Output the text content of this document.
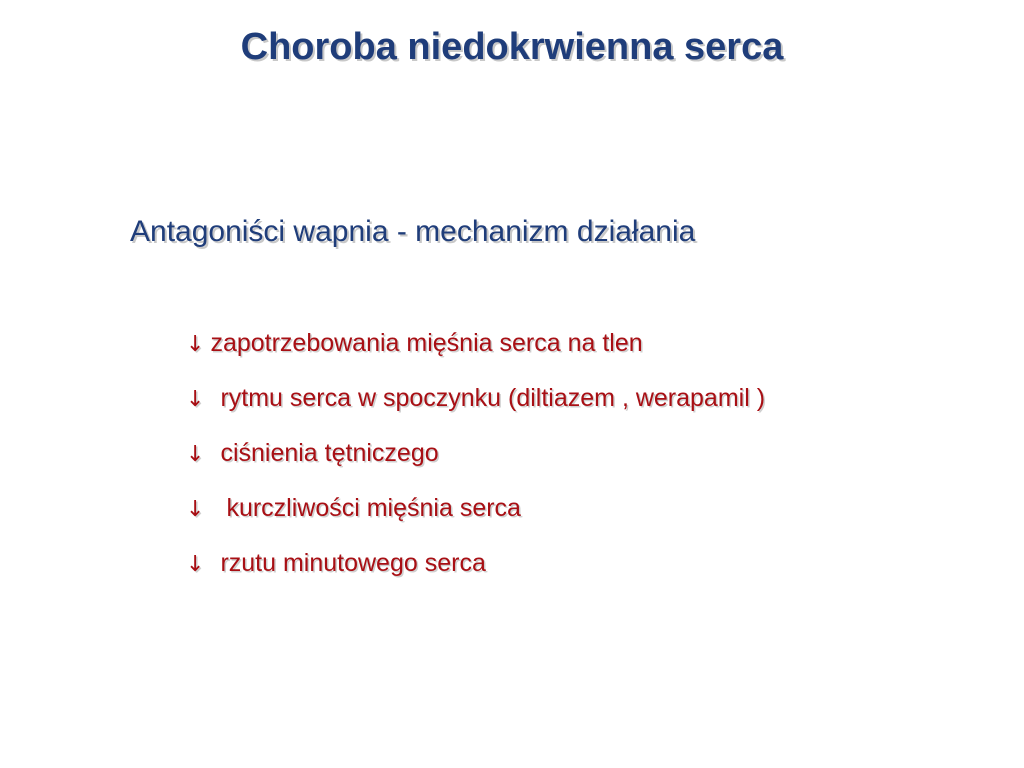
Choroba niedokrwienna serca
Antagoniści wapnia - mechanizm działania
↓ zapotrzebowania mięśnia serca na tlen
↓ rytmu serca w spoczynku (diltiazem , werapamil )
↓ ciśnienia tętniczego
↓ kurczliwości mięśnia serca
↓ rzutu minutowego serca
